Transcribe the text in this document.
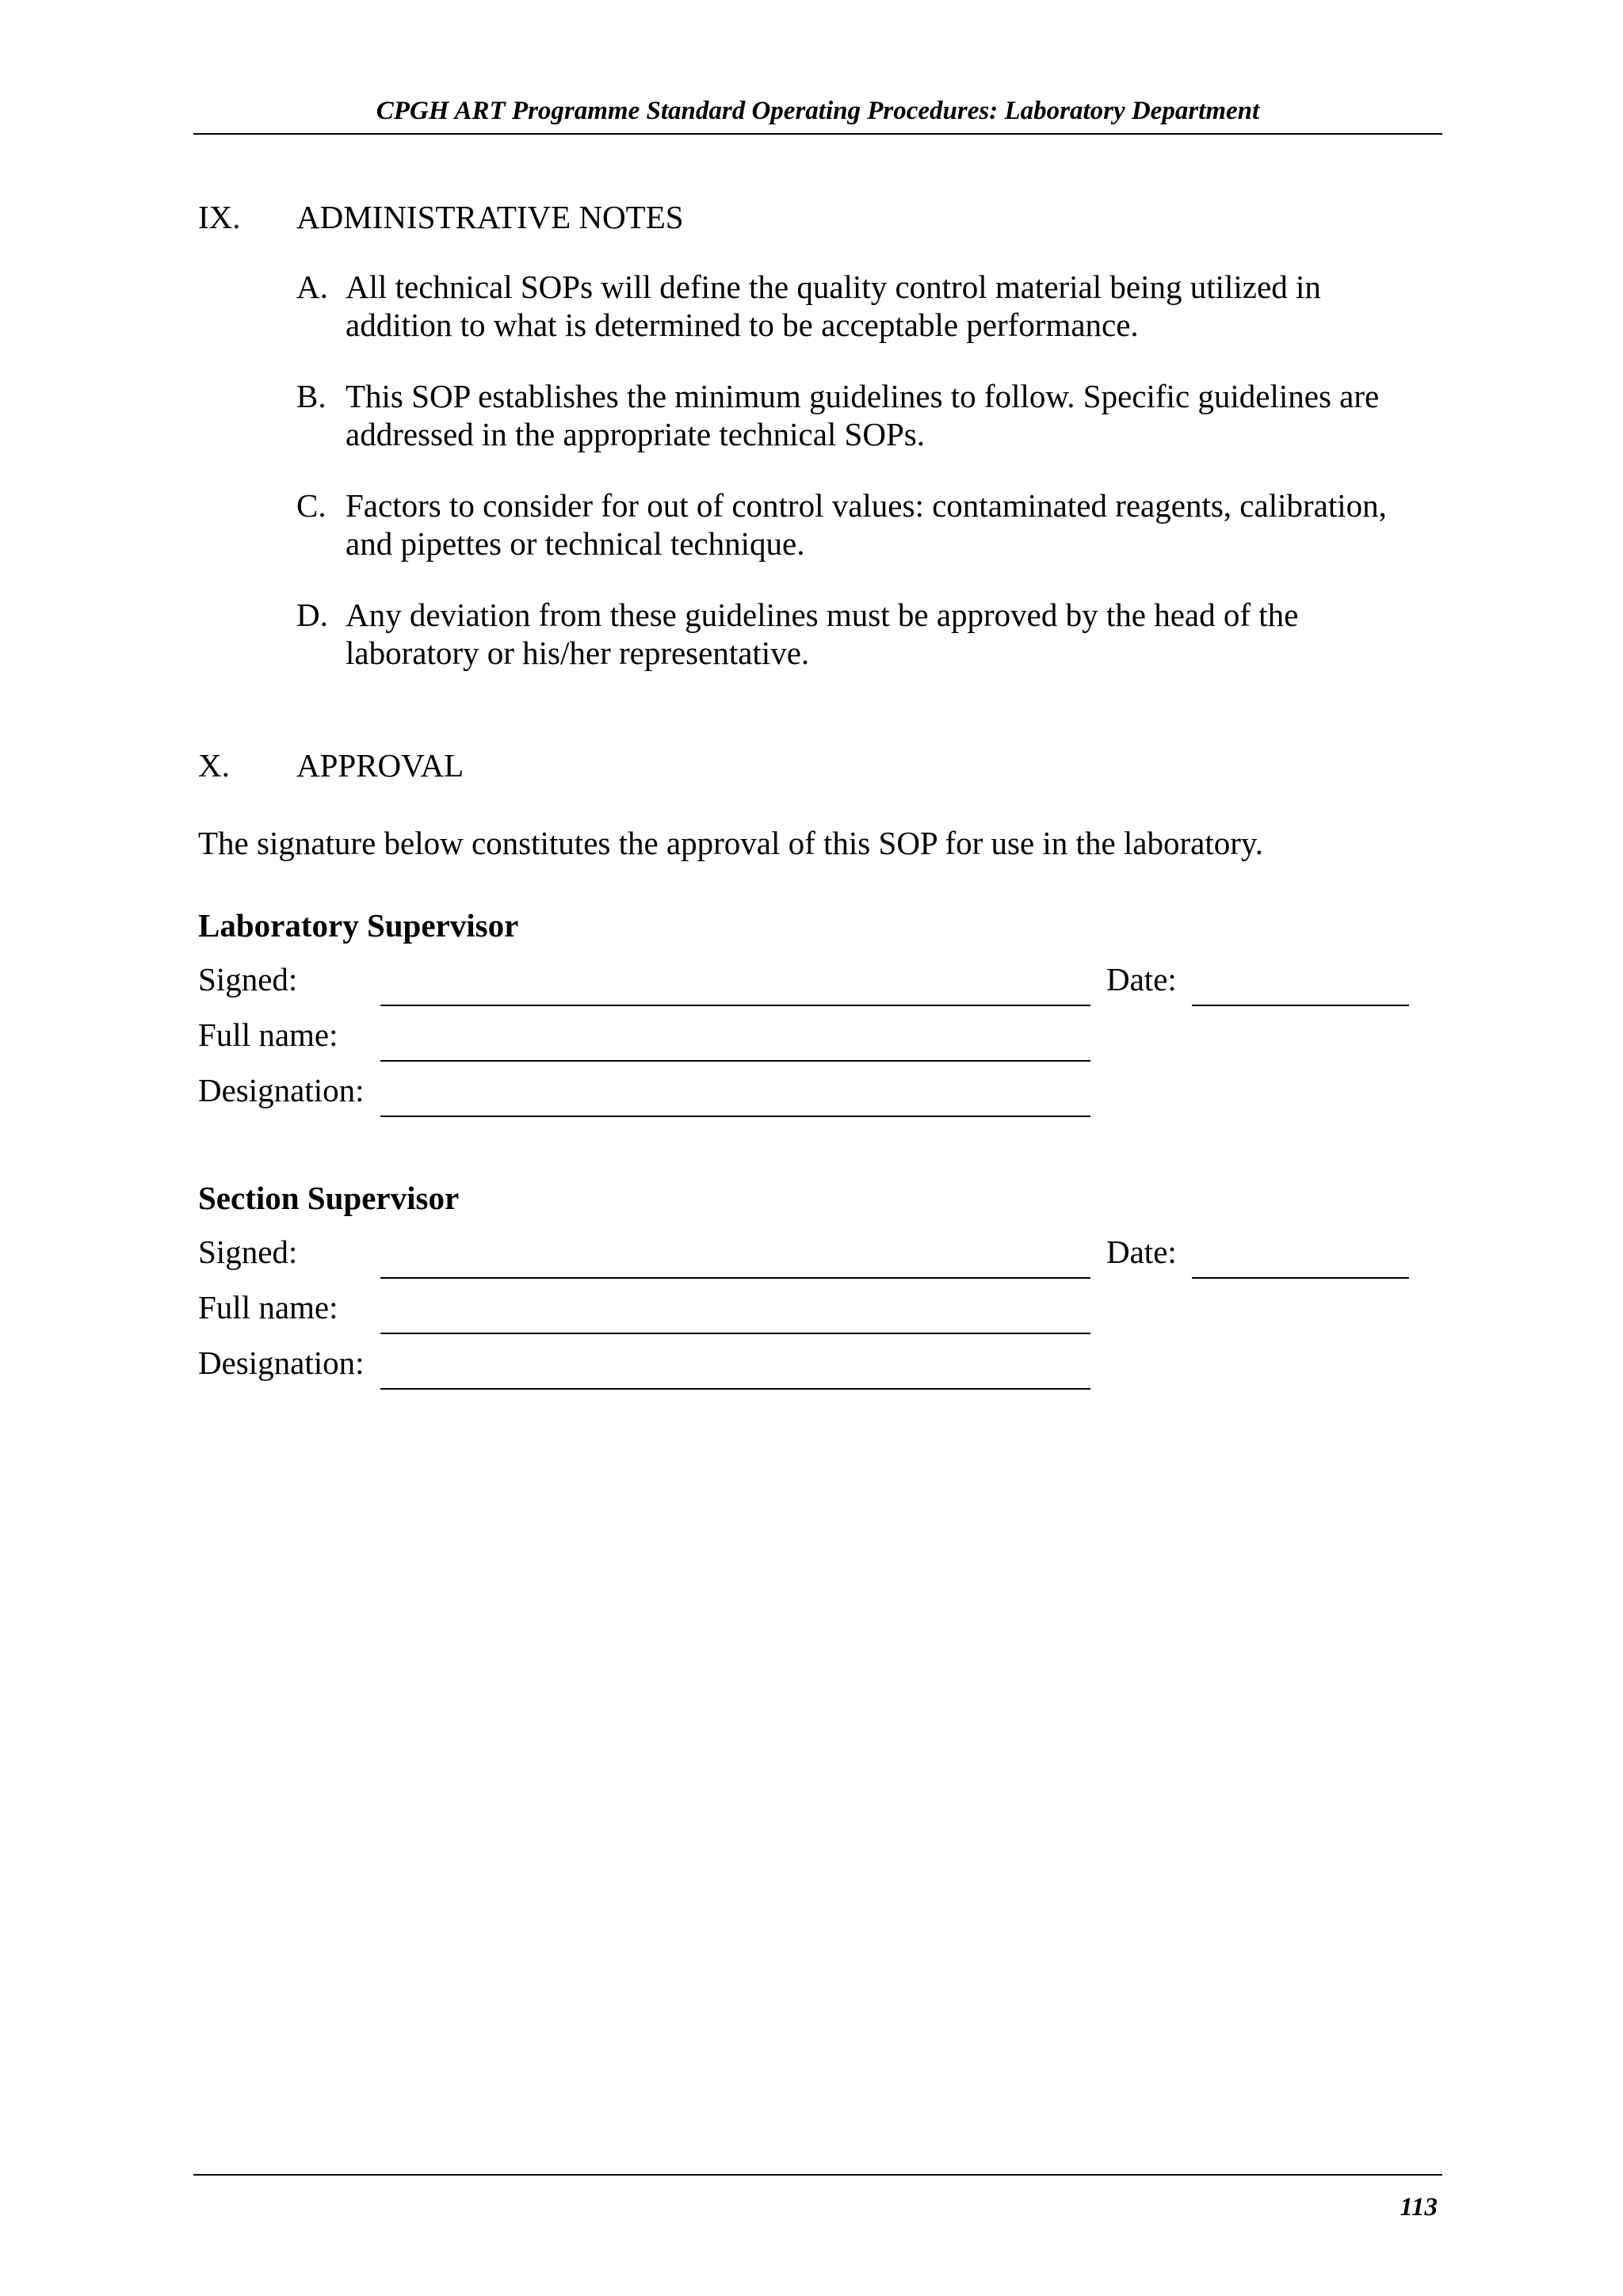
CPGH ART Programme Standard Operating Procedures: Laboratory Department
IX. ADMINISTRATIVE NOTES
A. All technical SOPs will define the quality control material being utilized in
addition to what is determined to be acceptable performance.
B. This SOP establishes the minimum guidelines to follow. Specific guidelines are
addressed in the appropriate technical SOPs.
C. Factors to consider for out of control values: contaminated reagents, calibration,
and pipettes or technical technique.
D. Any deviation from these guidelines must be approved by the head of the
laboratory or his/her representative.
X. APPROVAL
The signature below constitutes the approval of this SOP for use in the laboratory.
Laboratory Supervisor
Signed:	Date:
Full name:
Designation:
Section Supervisor
Signed:	Date:
Full name:
Designation:
113
